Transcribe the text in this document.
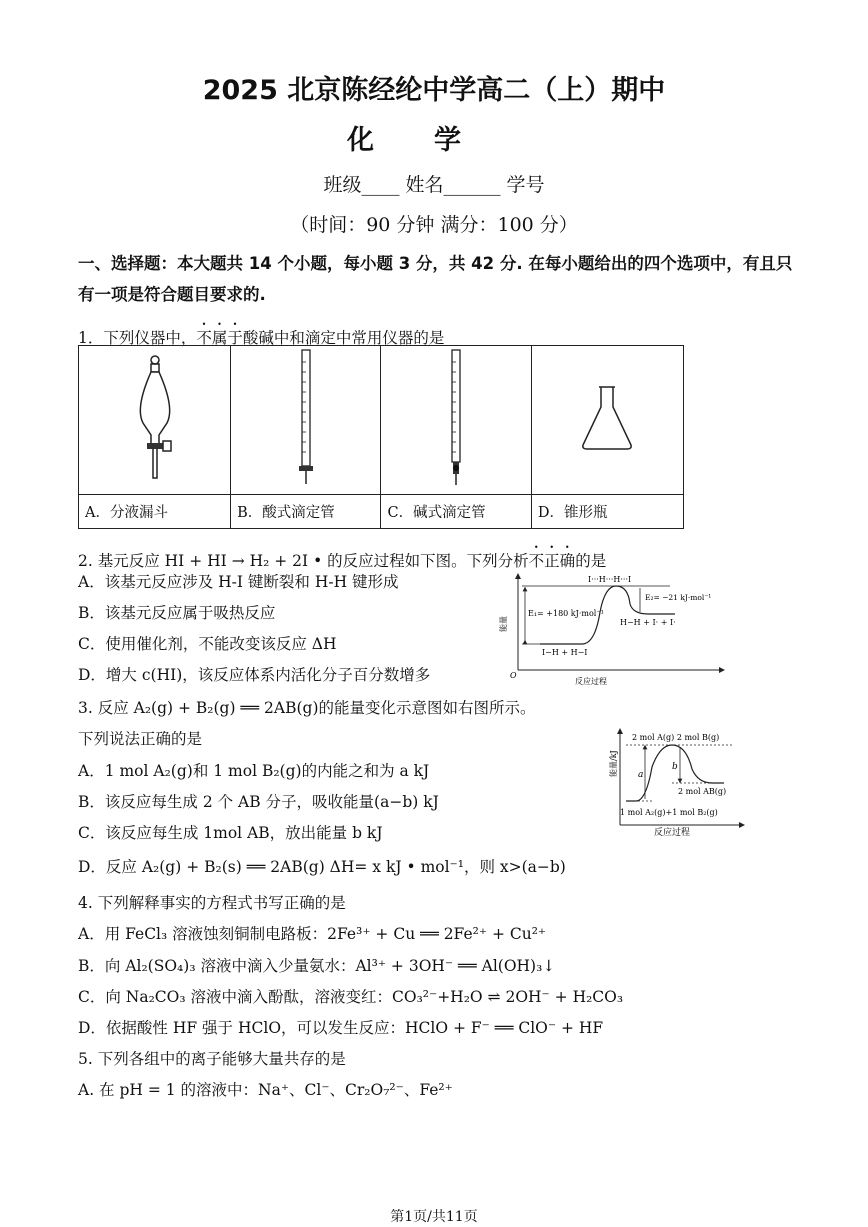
2025 北京陈经纶中学高二（上）期中
化学
班级____ 姓名______ 学号
（时间：90 分钟 满分：100 分）
一、选择题：本大题共 14 个小题，每小题 3 分，共 42 分. 在每小题给出的四个选项中，有且只有一项是符合题目要求的.
1．下列仪器中，不属于酸碱中和滴定中常用仪器的是

A．分液漏斗	B．酸式滴定管	C．碱式滴定管	D．锥形瓶
2. 基元反应 HI + HI → H₂ + 2I • 的反应过程如下图。下列分析不正确的是
A．该基元反应涉及 H-I 键断裂和 H-H 键形成
B．该基元反应属于吸热反应
C．使用催化剂，不能改变该反应 ΔH
D．增大 c(HI)，该反应体系内活化分子百分数增多	O
能量
反应过程
I···H···H···I
E₁= +180 kJ·mol⁻¹
E₂= −21 kJ·mol⁻¹
H−H + I· + I·
I−H + H−I
3. 反应 A₂(g) + B₂(g) ══ 2AB(g)的能量变化示意图如右图所示。
下列说法正确的是
A．1 mol A₂(g)和 1 mol B₂(g)的内能之和为 a kJ
B．该反应每生成 2 个 AB 分子，吸收能量(a−b) kJ
C．该反应每生成 1mol AB，放出能量 b kJ
D．反应 A₂(g) + B₂(s) ══ 2AB(g) ΔH= x kJ • mol⁻¹，则 x>(a−b)
能量/kJ
反应过程
a
b
2 mol A(g) 2 mol B(g)
2 mol AB(g)
1 mol A₂(g)+1 mol B₂(g)
4. 下列解释事实的方程式书写正确的是
A．用 FeCl₃ 溶液蚀刻铜制电路板：2Fe³⁺ + Cu ══ 2Fe²⁺ + Cu²⁺
B．向 Al₂(SO₄)₃ 溶液中滴入少量氨水：Al³⁺ + 3OH⁻ ══ Al(OH)₃↓
C．向 Na₂CO₃ 溶液中滴入酚酞，溶液变红：CO₃²⁻+H₂O ⇌ 2OH⁻ + H₂CO₃
D．依据酸性 HF 强于 HClO，可以发生反应：HClO + F⁻ ══ ClO⁻ + HF
5. 下列各组中的离子能够大量共存的是
A. 在 pH = 1 的溶液中：Na⁺、Cl⁻、Cr₂O₇²⁻、Fe²⁺
第1页/共11页
